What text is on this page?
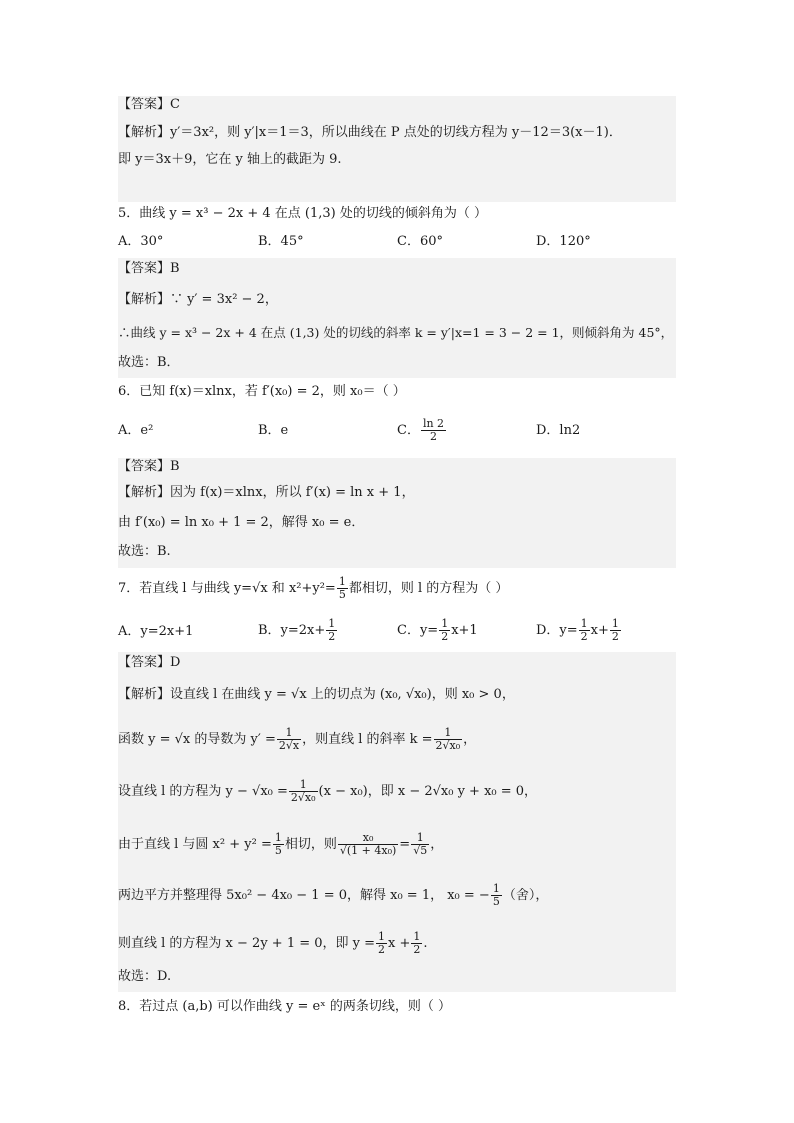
【答案】C
【解析】y′＝3x²，则 y′|x＝1＝3，所以曲线在 P 点处的切线方程为 y－12＝3(x－1)．
即 y＝3x＋9，它在 y 轴上的截距为 9.
5．曲线 y = x³ − 2x + 4 在点 (1,3) 处的切线的倾斜角为（ ）
A．30°	B．45°	C．60°	D．120°
【答案】B
【解析】∵ y′ = 3x² − 2，
∴曲线 y = x³ − 2x + 4 在点 (1,3) 处的切线的斜率 k = y′|x=1 = 3 − 2 = 1，则倾斜角为 45°，
故选：B．
6．已知 f(x)＝xlnx，若 f′(x₀) = 2，则 x₀＝（ ）
A．e²	B．e	C． $\frac{\ln 2}{2}$	D．ln2
【答案】B
【解析】因为 f(x)＝xlnx，所以 f′(x) = ln x + 1，
由 f′(x₀) = ln x₀ + 1 = 2，解得 x₀ = e．
故选：B.
7．若直线 l 与曲线 y=√x 和 $x^2+y^2= \frac{1}{5}$ 都相切，则 l 的方程为（ ）
A．y=2x+1	B．$y=2x+ \frac{1}{2}$	C．$y= \frac{1}{2} x+1$	D．$y= \frac{1}{2} x+ \frac{1}{2}$
【答案】D
【解析】设直线 l 在曲线 y = √x 上的切点为 (x₀, √x₀)，则 x₀ > 0，
函数 y = √x 的导数为 $y' = \frac{1}{2√x}$ ，则直线 l 的斜率 $k = \frac{1}{\text{2√x₀}}$ ，
设直线 l 的方程为 $y - √x_0 = \frac{1}{\text{2√x₀}} (x - x_0)$，即 x − 2√x₀ y + x₀ = 0，
由于直线 l 与圆 $x^2 + y^2 = \frac{1}{5}$ 相切，则 $\frac{\text{x₀}}{\text{√(1 + 4x₀)}} = \frac{1}{√5}$ ，
两边平方并整理得 5x₀² − 4x₀ − 1 = 0，解得 x₀ = 1， x₀ = − $\frac{1}{5}$ （舍），
则直线 l 的方程为 x − 2y + 1 = 0，即 $y = \frac{1}{2}$ $x + \frac{1}{2}$ .
故选：D.
8．若过点 (a,b) 可以作曲线 y = eˣ 的两条切线，则（ ）
